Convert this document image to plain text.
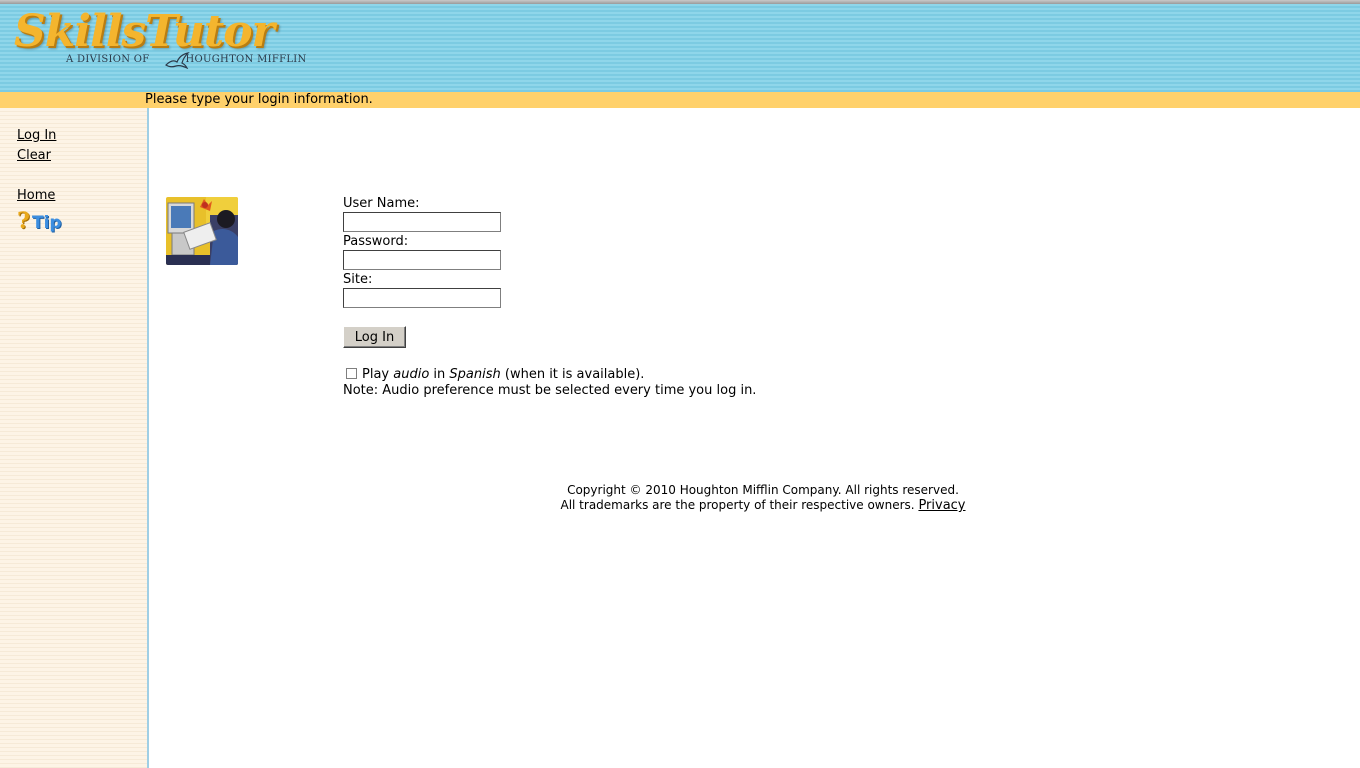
SkillsTutor
A DIVISION OF	HOUGHTON MIFFLIN
Please type your login information.
Log In
Clear
Home
? Tip
User Name:
Password:
Site:
Log In
Play audio in Spanish (when it is available).
Note: Audio preference must be selected every time you log in.
Copyright © 2010 Houghton Mifflin Company. All rights reserved.
All trademarks are the property of their respective owners. Privacy
